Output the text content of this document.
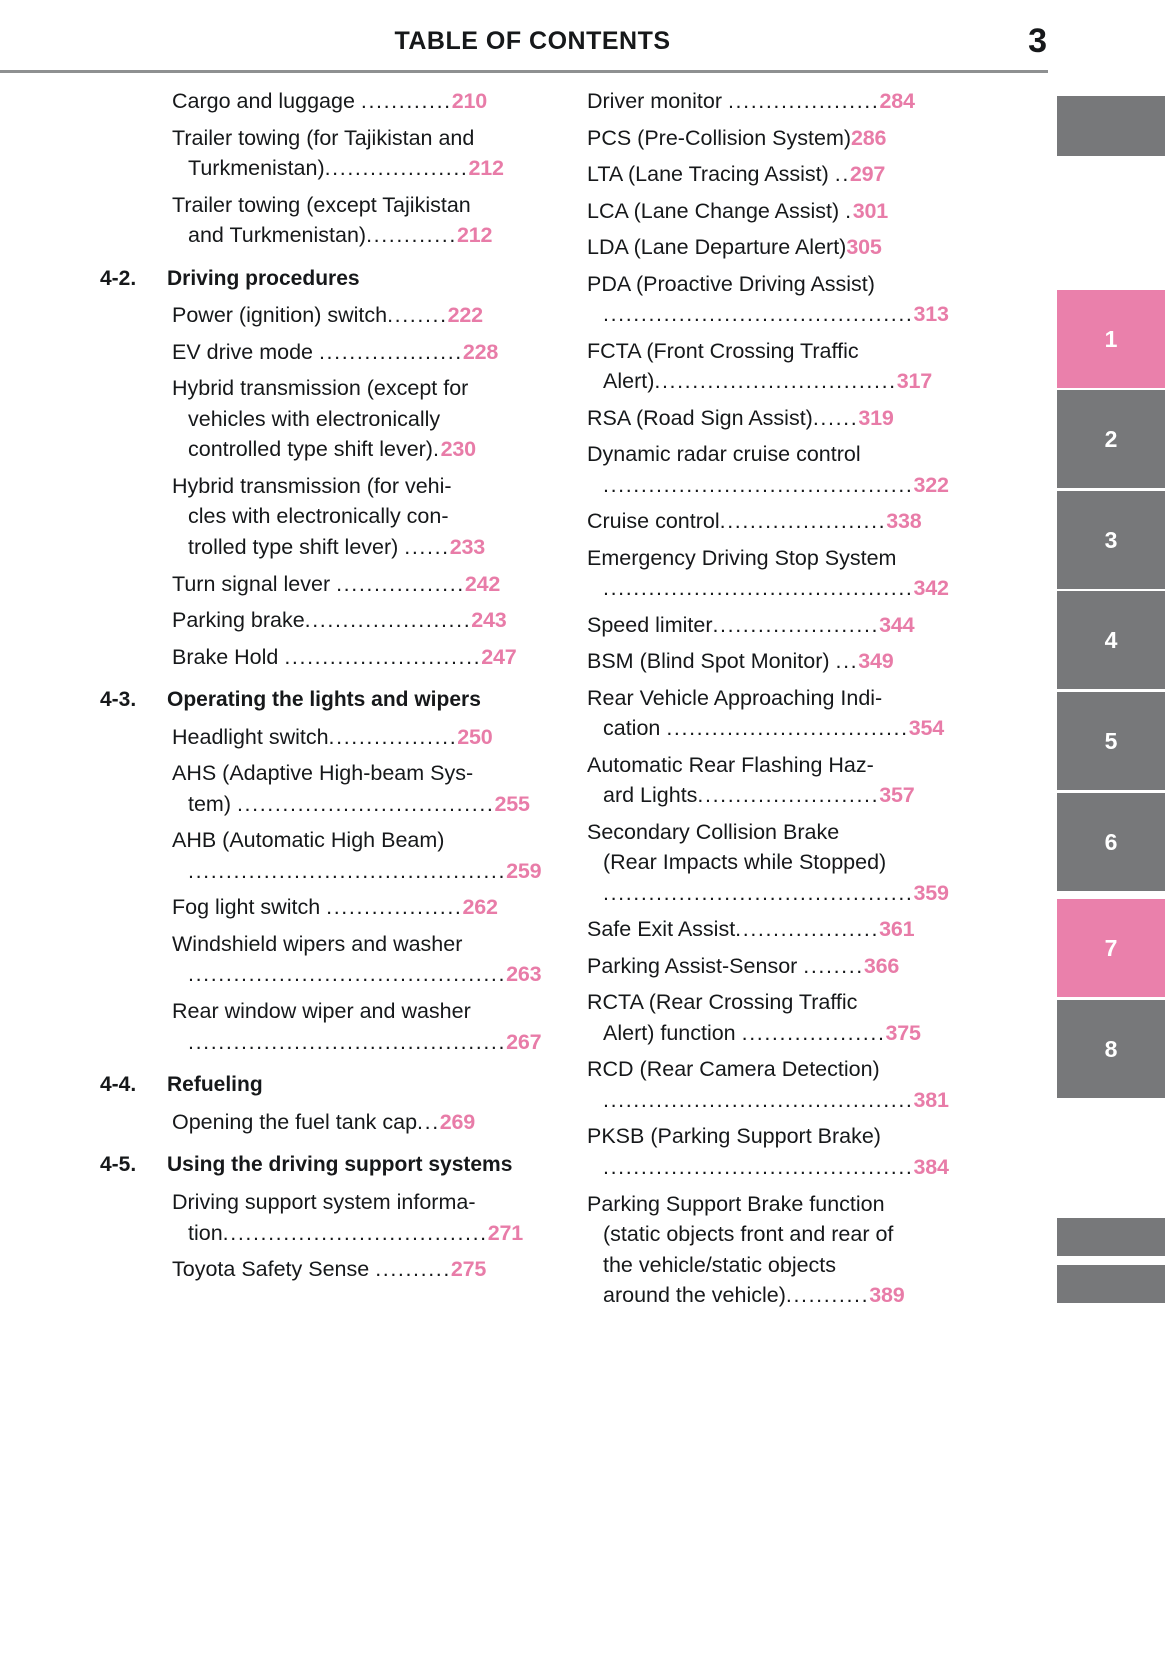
TABLE OF CONTENTS	3
Cargo and luggage ............210
Trailer towing (for Tajikistan and
Turkmenistan)...................212
Trailer towing (except Tajikistan
and Turkmenistan)............212
4-2.	Driving procedures
Power (ignition) switch........222
EV drive mode ...................228
Hybrid transmission (except for
vehicles with electronically
controlled type shift lever).230
Hybrid transmission (for vehi-
cles with electronically con-
trolled type shift lever) ......233
Turn signal lever .................242
Parking brake......................243
Brake Hold ..........................247
4-3.	Operating the lights and wipers
Headlight switch.................250
AHS (Adaptive High-beam Sys-
tem) ..................................255
AHB (Automatic High Beam)
..........................................259
Fog light switch ..................262
Windshield wipers and washer
..........................................263
Rear window wiper and washer
..........................................267
4-4.	Refueling
Opening the fuel tank cap...269
4-5.	Using the driving support systems
Driving support system informa-
tion...................................271
Toyota Safety Sense ..........275
Driver monitor ....................284
PCS (Pre-Collision System)286
LTA (Lane Tracing Assist) ..297
LCA (Lane Change Assist) .301
LDA (Lane Departure Alert)305
PDA (Proactive Driving Assist)
.........................................313
FCTA (Front Crossing Traffic
Alert)................................317
RSA (Road Sign Assist)......319
Dynamic radar cruise control
.........................................322
Cruise control......................338
Emergency Driving Stop System
.........................................342
Speed limiter......................344
BSM (Blind Spot Monitor) ...349
Rear Vehicle Approaching Indi-
cation ................................354
Automatic Rear Flashing Haz-
ard Lights........................357
Secondary Collision Brake
(Rear Impacts while Stopped)
.........................................359
Safe Exit Assist...................361
Parking Assist-Sensor ........366
RCTA (Rear Crossing Traffic
Alert) function ...................375
RCD (Rear Camera Detection)
.........................................381
PKSB (Parking Support Brake)
.........................................384
Parking Support Brake function
(static objects front and rear of
the vehicle/static objects
around the vehicle)...........389
1
2
3
4
5
6
7
8
